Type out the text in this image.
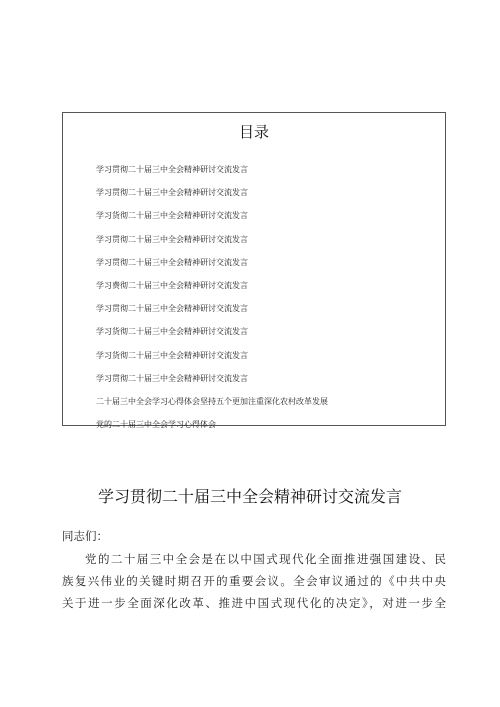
目录
学习贯彻二十届三中全会精神研讨交流发言
学习贯彻二十届三中全会精神研讨交流发言
学习货彻二十届三中全会精神研讨交流发言
学习贯彻二十届三中全会精神研讨交流发言
学习贯彻二十届三中全会精神研讨交流发言
学习费彻二十届三中全会精神研讨交流发言
学习贯彻二十届三中全会精神研讨交流发言
学习货彻二十届三中全会精神研讨交流发言
学习货彻二十届三中全会精神研讨交流发言
学习贯彻二十届三中全会精神研讨交流发言
二十届三中全会学习心得体会坚持五个更加注重深化农村改革发展
党的二十届三中全会学习心得体会
学习贯彻二十届三中全会精神研讨交流发言

同志们：

党的二十届三中全会是在以中国式现代化全面推进强国建设、民
族复兴伟业的关键时期召开的重要会议。全会审议通过的《中共中央
关于进一步全面深化改革、推进中国式现代化的决定》，对进一步全
